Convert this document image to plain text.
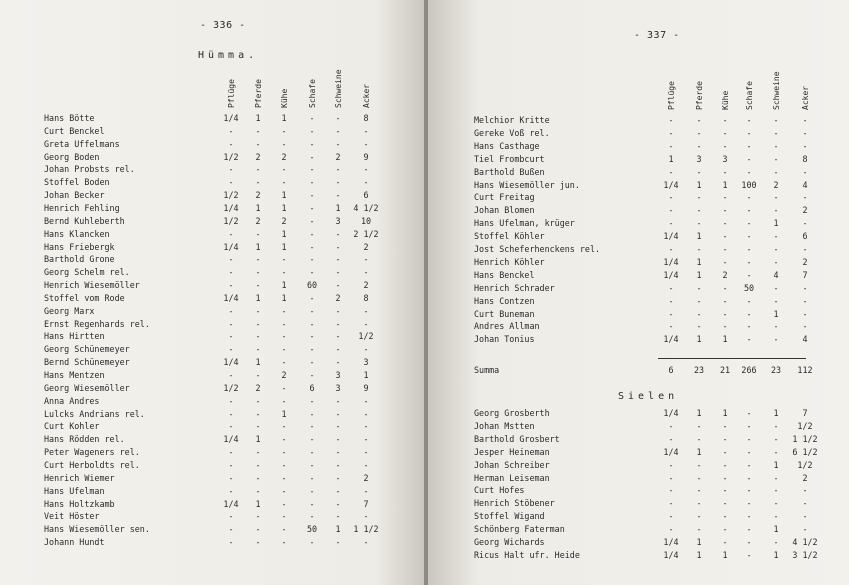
- 336 -
Hümma.
Pflüge Pferde Kühe Schafe Schweine Acker
Hans Bötte	1/4	1	1	-	-	8
Curt Benckel	-	-	-	-	-	-
Greta Uffelmans	-	-	-	-	-	-
Georg Boden	1/2	2	2	-	2	9
Johan Probsts rel.	-	-	-	-	-	-
Stoffel Boden	-	-	-	-	-	-
Johan Becker	1/2	2	1	-	-	6
Henrich Fehling	1/4	1	1	-	1	4 1/2
Bernd Kuhleberth	1/2	2	2	-	3	10
Hans Klancken	-	-	1	-	-	2 1/2
Hans Friebergk	1/4	1	1	-	-	2
Barthold Grone	-	-	-	-	-	-
Georg Schelm rel.	-	-	-	-	-	-
Henrich Wiesemöller	-	-	1	60	-	2
Stoffel vom Rode	1/4	1	1	-	2	8
Georg Marx	-	-	-	-	-	-
Ernst Regenhards rel.	-	-	-	-	-	-
Hans Hirtten	-	-	-	-	-	1/2
Georg Schünemeyer	-	-	-	-	-	-
Bernd Schünemeyer	1/4	1	-	-	-	3
Hans Mentzen	-	-	2	-	3	1
Georg Wiesemöller	1/2	2	-	6	3	9
Anna Andres	-	-	-	-	-	-
Lulcks Andrians rel.	-	-	1	-	-	-
Curt Kohler	-	-	-	-	-	-
Hans Rödden rel.	1/4	1	-	-	-	-
Peter Wageners rel.	-	-	-	-	-	-
Curt Herboldts rel.	-	-	-	-	-	-
Henrich Wiemer	-	-	-	-	-	2
Hans Ufelman	-	-	-	-	-	-
Hans Holtzkamb	1/4	1	-	-	-	7
Veit Höster	-	-	-	-	-	-
Hans Wiesemöller sen.	-	-	-	50	1	1 1/2
Johann Hundt	-	-	-	-	-	-
- 337 -
Pflüge Pferde Kühe Schafe Schweine	Acker
Melchior Kritte	-	-	-	-	-	-
Gereke Voß rel.	-	-	-	-	-	-
Hans Casthage	-	-	-	-	-	-
Tiel Frombcurt	1	3	3	-	-	8
Barthold Bußen	-	-	-	-	-	-
Hans Wiesemöller jun.	1/4	1	1	100	2	4
Curt Freitag	-	-	-	-	-	-
Johan Blomen	-	-	-	-	-	2
Hans Ufelman, krüger	-	-	-	-	1	-
Stoffel Köhler	1/4	1	-	-	-	6
Jost Scheferhenckens rel.	-	-	-	-	-	-
Henrich Köhler	1/4	1	-	-	-	2
Hans Benckel	1/4	1	2	-	4	7
Henrich Schrader	-	-	-	50	-	-
Hans Contzen	-	-	-	-	-	-
Curt Buneman	-	-	-	-	1	-
Andres Allman	-	-	-	-	-	-
Johan Tonius	1/4	1	1	-	-	4
Summa	6	23	21	266	23	112
Sielen
Georg Grosberth	1/4	1	1	-	1	7
Johan Mstten	-	-	-	-	-	1/2
Barthold Grosbert	-	-	-	-	-	1 1/2
Jesper Heineman	1/4	1	-	-	-	6 1/2
Johan Schreiber	-	-	-	-	1	1/2
Herman Leiseman	-	-	-	-	-	2
Curt Hofes	-	-	-	-	-	-
Henrich Stöbener	-	-	-	-	-	-
Stoffel Wigand	-	-	-	-	-	-
Schönberg Faterman	-	-	-	-	1	-
Georg Wichards	1/4	1	-	-	-	4 1/2
Ricus Halt ufr. Heide	1/4	1	1	-	1	3 1/2
